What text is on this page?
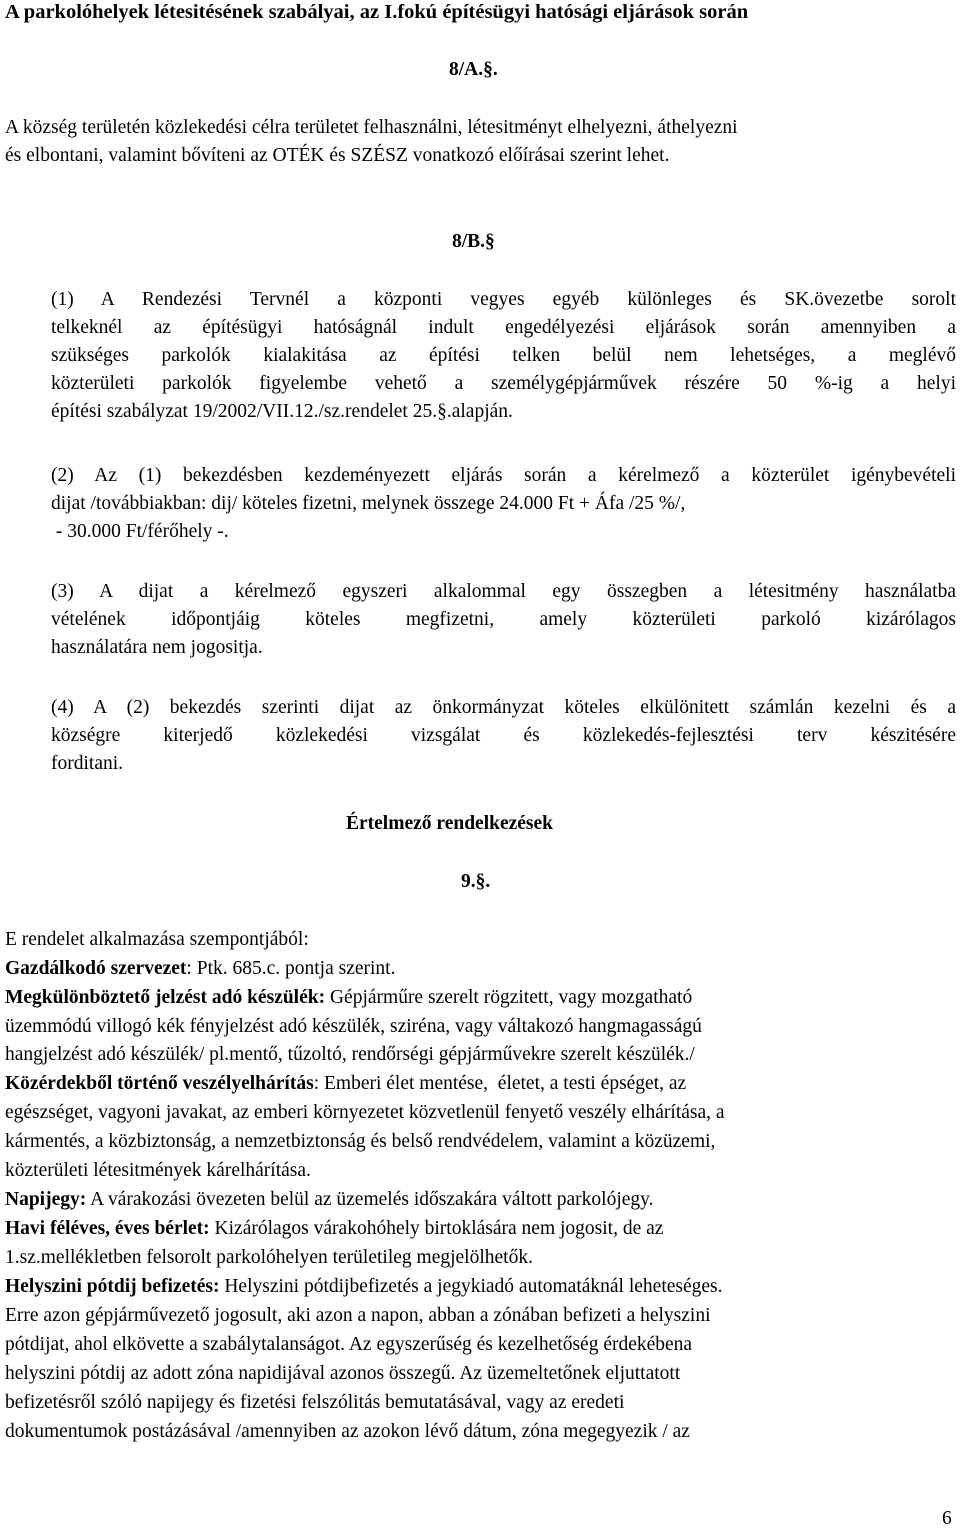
A parkolóhelyek létesitésének szabályai, az I.fokú építésügyi hatósági eljárások során
8/A.§.
A község területén közlekedési célra területet felhasználni, létesitményt elhelyezni, áthelyezni
és elbontani, valamint bővíteni az OTÉK és SZÉSZ vonatkozó előírásai szerint lehet.
8/B.§
(1) A Rendezési Tervnél a központi vegyes egyéb különleges és SK.övezetbe sorolt
telkeknél az építésügyi hatóságnál indult engedélyezési eljárások során amennyiben a
szükséges parkolók kialakitása az építési telken belül nem lehetséges, a meglévő
közterületi parkolók figyelembe vehető a személygépjárművek részére 50 %-ig a helyi
építési szabályzat 19/2002/VII.12./sz.rendelet 25.§.alapján.
(2) Az (1) bekezdésben kezdeményezett eljárás során a kérelmező a közterület igénybevételi
dijat /továbbiakban: dij/ köteles fizetni, melynek összege 24.000 Ft + Áfa /25 %/,
- 30.000 Ft/férőhely -.
(3) A dijat a kérelmező egyszeri alkalommal egy összegben a létesitmény használatba
vételének időpontjáig köteles megfizetni, amely közterületi parkoló kizárólagos
használatára nem jogositja.
(4) A (2) bekezdés szerinti dijat az önkormányzat köteles elkülönitett számlán kezelni és a
községre kiterjedő közlekedési vizsgálat és közlekedés-fejlesztési terv készitésére
forditani.
Értelmező rendelkezések
9.§.
E rendelet alkalmazása szempontjából:
Gazdálkodó szervezet: Ptk. 685.c. pontja szerint.
Megkülönböztető jelzést adó készülék: Gépjárműre szerelt rögzitett, vagy mozgatható
üzemmódú villogó kék fényjelzést adó készülék, sziréna, vagy váltakozó hangmagasságú
hangjelzést adó készülék/ pl.mentő, tűzoltó, rendőrségi gépjárművekre szerelt készülék./
Közérdekből történő veszélyelhárítás: Emberi élet mentése,  életet, a testi épséget, az
egészséget, vagyoni javakat, az emberi környezetet közvetlenül fenyető veszély elhárítása, a
kármentés, a közbiztonság, a nemzetbiztonság és belső rendvédelem, valamint a közüzemi,
közterületi létesitmények kárelhárítása.
Napijegy: A várakozási övezeten belül az üzemelés időszakára váltott parkolójegy.
Havi féléves, éves bérlet: Kizárólagos várakohóhely birtoklására nem jogosit, de az
1.sz.mellékletben felsorolt parkolóhelyen területileg megjelölhetők.
Helyszini pótdij befizetés: Helyszini pótdijbefizetés a jegykiadó automatáknál leheteséges.
Erre azon gépjárművezető jogosult, aki azon a napon, abban a zónában befizeti a helyszini
pótdijat, ahol elkövette a szabálytalanságot. Az egyszerűség és kezelhetőség érdekébena
helyszini pótdij az adott zóna napidijával azonos összegű. Az üzemeltetőnek eljuttatott
befizetésről szóló napijegy és fizetési felszólitás bemutatásával, vagy az eredeti
dokumentumok postázásával /amennyiben az azokon lévő dátum, zóna megegyezik / az
6
